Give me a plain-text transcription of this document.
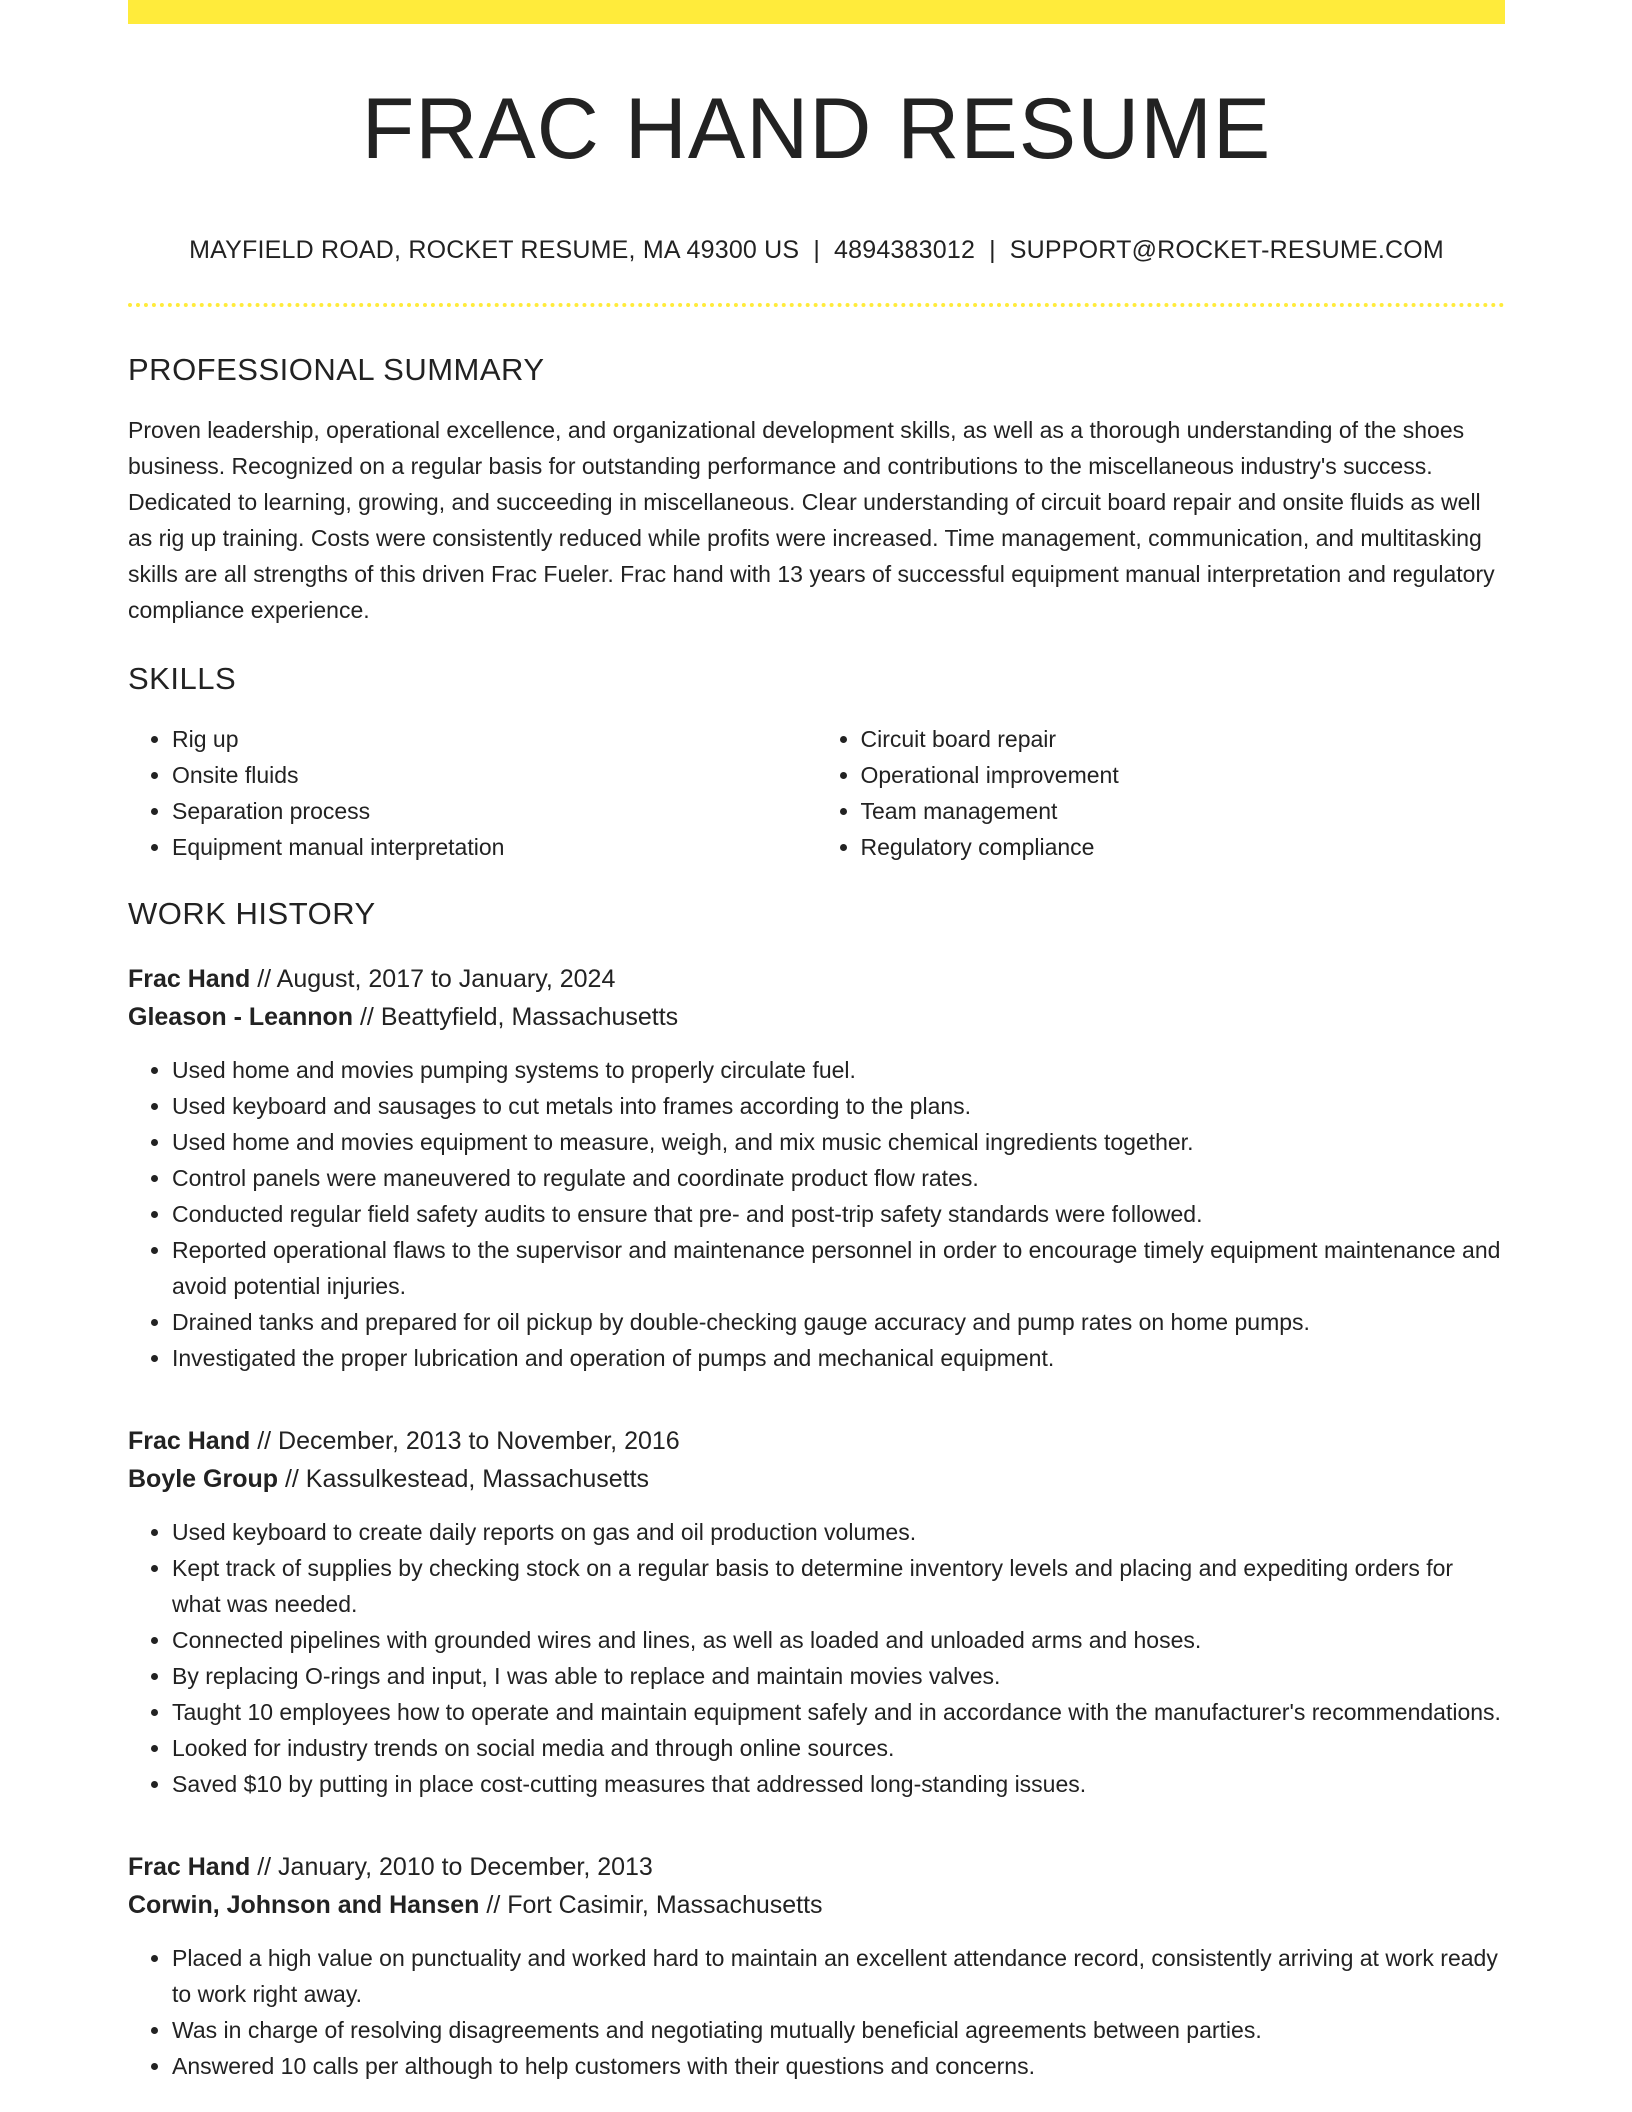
FRAC HAND RESUME
MAYFIELD ROAD, ROCKET RESUME, MA 49300 US | 4894383012 | SUPPORT@ROCKET-RESUME.COM
PROFESSIONAL SUMMARY

Proven leadership, operational excellence, and organizational development skills, as well as a thorough understanding of the shoes business. Recognized on a regular basis for outstanding performance and contributions to the miscellaneous industry's success. Dedicated to learning, growing, and succeeding in miscellaneous. Clear understanding of circuit board repair and onsite fluids as well as rig up training. Costs were consistently reduced while profits were increased. Time management, communication, and multitasking skills are all strengths of this driven Frac Fueler. Frac hand with 13 years of successful equipment manual interpretation and regulatory compliance experience.

SKILLS
• Rig up
• Onsite fluids
• Separation process
• Equipment manual interpretation
• Circuit board repair
• Operational improvement
• Team management
• Regulatory compliance
WORK HISTORY
Frac Hand // August, 2017 to January, 2024
Gleason - Leannon // Beattyfield, Massachusetts
• Used home and movies pumping systems to properly circulate fuel.
• Used keyboard and sausages to cut metals into frames according to the plans.
• Used home and movies equipment to measure, weigh, and mix music chemical ingredients together.
• Control panels were maneuvered to regulate and coordinate product flow rates.
• Conducted regular field safety audits to ensure that pre- and post-trip safety standards were followed.
• Reported operational flaws to the supervisor and maintenance personnel in order to encourage timely equipment maintenance and avoid potential injuries.
• Drained tanks and prepared for oil pickup by double-checking gauge accuracy and pump rates on home pumps.
• Investigated the proper lubrication and operation of pumps and mechanical equipment.
Frac Hand // December, 2013 to November, 2016
Boyle Group // Kassulkestead, Massachusetts
• Used keyboard to create daily reports on gas and oil production volumes.
• Kept track of supplies by checking stock on a regular basis to determine inventory levels and placing and expediting orders for what was needed.
• Connected pipelines with grounded wires and lines, as well as loaded and unloaded arms and hoses.
• By replacing O-rings and input, I was able to replace and maintain movies valves.
• Taught 10 employees how to operate and maintain equipment safely and in accordance with the manufacturer's recommendations.
• Looked for industry trends on social media and through online sources.
• Saved $10 by putting in place cost-cutting measures that addressed long-standing issues.
Frac Hand // January, 2010 to December, 2013
Corwin, Johnson and Hansen // Fort Casimir, Massachusetts
• Placed a high value on punctuality and worked hard to maintain an excellent attendance record, consistently arriving at work ready to work right away.
• Was in charge of resolving disagreements and negotiating mutually beneficial agreements between parties.
• Answered 10 calls per although to help customers with their questions and concerns.
